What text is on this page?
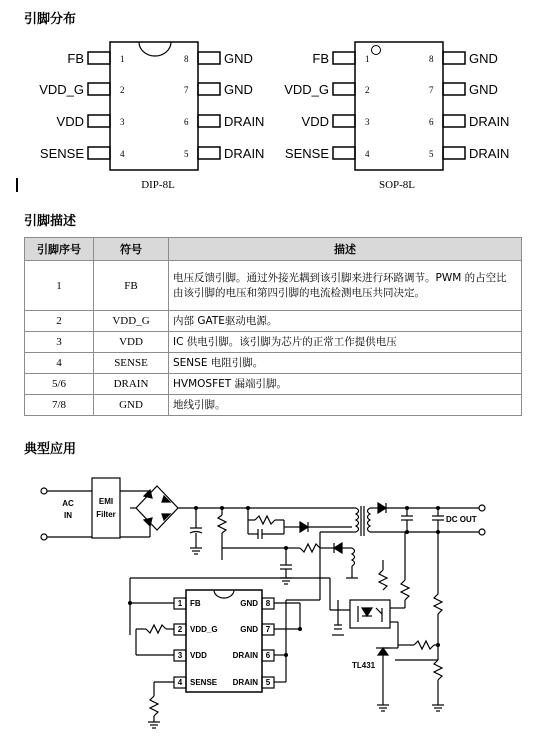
引脚分布
FB	1
VDD_G	2
VDD	3
SENSE	4
GND
8
GND
7
DRAIN
6
DRAIN
5
DIP-8L
FB	1
VDD_G	2
VDD	3
SENSE	4
GND
8
GND
7
DRAIN
6
DRAIN
5
SOP-8L
引脚描述
引脚序号	符号	描述
1	FB	电压反馈引脚。通过外接光耦到该引脚来进行环路调节。PWM 的占空比由该引脚的电压和第四引脚的电流检测电压共同决定。
2	VDD_G	内部 GATE驱动电源。
3	VDD	IC 供电引脚。该引脚为芯片的正常工作提供电压
4	SENSE	SENSE 电阻引脚。
5/6	DRAIN	HVMOSFET 漏端引脚。
7/8	GND	地线引脚。
典型应用
AC
IN
EMI
Filter
DC OUT
TL431
1 FB
2 VDD_G
3 VDD
4 SENSE
8
GND
7
GND
6
DRAIN
5
DRAIN
